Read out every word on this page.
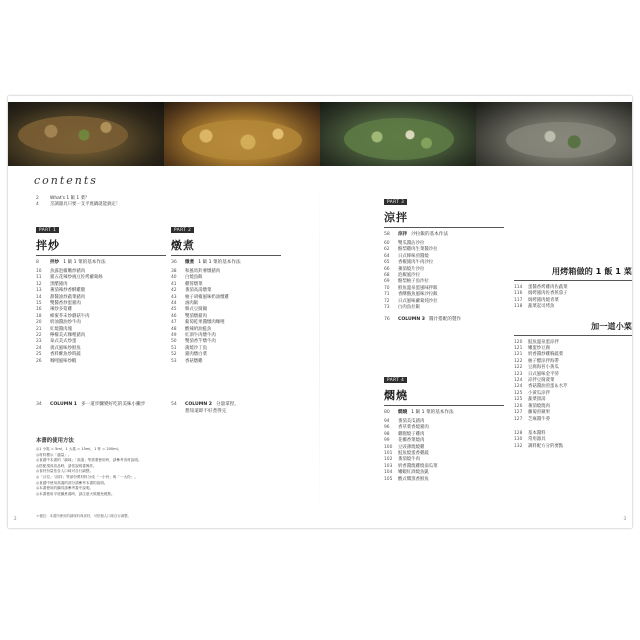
contents
2	What's 1 飯 1 菜？
4	烹調器具只要一支平底鍋就能搞定！
PART 1
拌炒
8 拌炒 1 飯 1 菜的基本作法
10 魚露泡椒嫩炒豬肉
11 豬五花辣炒豌豆佐烤蘿蔔絲
12 黑醋豬肉
13 蕃茄辣炒香酥雞腿
14 甜醬油炒蔬菜豬肉
15 雙醬香炒蛋豬肉
16 辣炒多筍雞
18 蜂蜜芥末炒蘑菇牛肉
20 奶油醬油炒牛肉
21 紅燒醬肉塊
22 檸檬美式咖哩豬肉
23 泰式美式炒蛋
24 義式風味炒鮮魚
25 香料酥魚炒時蔬
26 咖哩風味炒蝦
PART 2
燉煮
36 燉煮 1 飯 1 菜的基本作法
38 和風馬鈴薯燉豬肉
40 白燒魚飯
41 雞蓉燉菜
42 番茄高湯燉菜
43 柚子胡椒風味奶油燉雞
44 滷肉飯
45 韓式豆腐鍋
46 雙茄燉豬肉
47 葡萄乾果醬燉肉咖哩
48 酸辣奶油鮭魚
49 紅酒牛肉燉牛肉
50 雙茄香芋燉牛肉
51 蒲燒沙丁魚
52 豬肉燉白菜
53 香菇燉雞
34 COLUMN 1 多一道步驟變好吃的美味小撇步	54 COLUMN 2 分量拿捏，
想知道即不好煮得完
本書的使用方法
◎1 小匙 = 5ml，1 大匙 = 15ml，1 杯 = 200ml。
◎材料標示「適量」。
◎食譜中本書的「調味」「高湯」等需要使用時，請參考食材說明。
◎搭配現成食品時，請依說明書操作。
◎食材份量依各人口味可自行調整。
◎「沙拉」「涼拌」等部份將材料分成「一小份」與「一大份」。
◎食譜中使用高湯的部分請參考本書的說明。
◎本書使用的鍋具請參考書中說明。
◎本書使用平底鍋煮湯時，請注意火候避免燒焦。
＊備註：本書所使用的調味料與食材，可依個人口味自行調整。
PART 3
涼拌
58 涼拌 沙拉飯的基本作法
60 雙瓜醬沾沙拉
62 酪梨雞肉生菜醬沙拉
64 日式韓味煎醬燒
65 香椒豬肉牛肉沙拉
66 蕃茄燒片沙拉
68 泡椒風沙拉
69 酪梨柚子魚沙拉
70 鮮魚溫泉蛋風味拌飯
71 香酥酪魚風味沙拉飯
72 日式風味蘿蔔炖沙拉
73 白肉魚拉飯
76 COLUMN 3 醬汁搭配的製作
PART 4
燜燒
80 燜燒 1 飯 1 菜的基本作法
94 番茄美瓜豬肉
96 香草菜香燒豬肉
98 雞腿燒子雞肉
99 花椰香菜燒肉
100 豆豉薄燒燒雞
101 鮭魚燒蛋香雞蔬
102 番茄燒牛肉
103 奶香醬燒雞燒南瓜菜
104 嫩蝦紅酒燒魚凱
105 酸式燜蒸香鮮魚
用烤箱做的 1 飯 1 菜
114 蛋醬香烤雞肉佐蔬菜
116 焗烤豬肉佐香蕉茄子
117 焗烤豬肉燒青菜
118 蔬菜起司烤魚
加一道小菜
120 鮭魚溫泉蛋涼拌
121 嫩蛋炒豆腐
121 奶香醬炒雞胸蔬菜
122 柚子醋涼拌海帶
122 豆腐海苔小黃瓜
123 日式風味金平蒡
124 凉拌豆腐菠菜
124 香菇醬油煎蛋＆水芹
125 小黃瓜涼拌
125 蔬菜甜湯
126 蕃茄燒燒肉
127 蘿蔔煎蘋果
127 芝麻醬牛蒡
128 基本醬料
130 常用器具
132 調料配方分的要點
2	3
